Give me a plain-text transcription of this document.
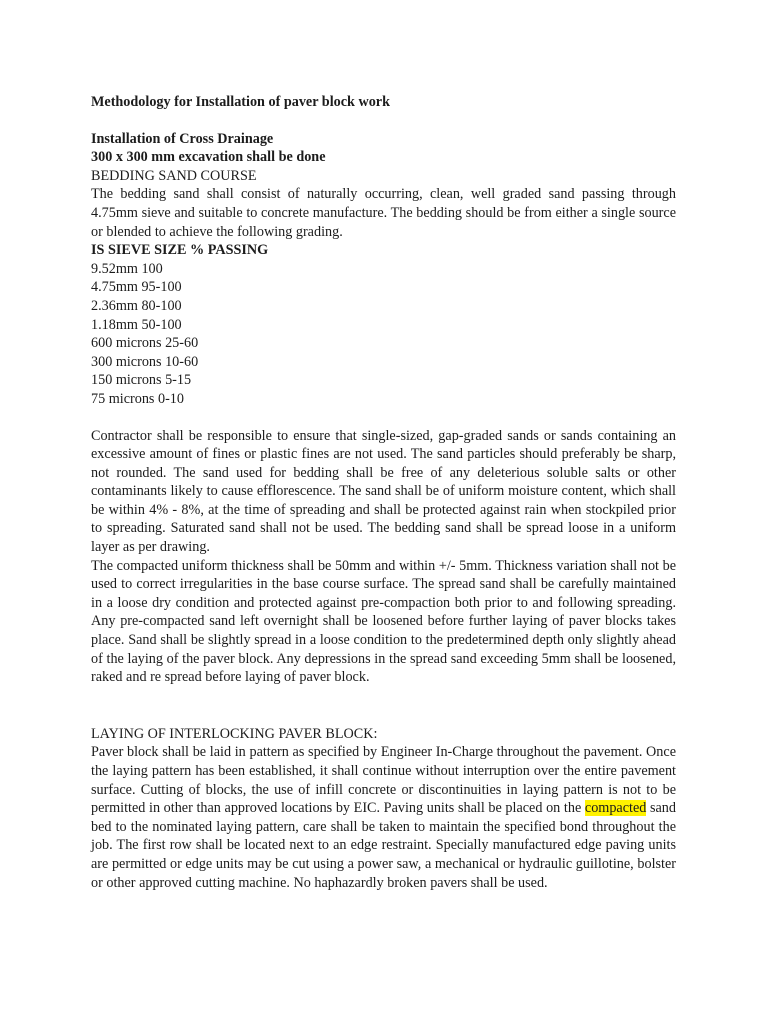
Methodology for Installation of paver block work

Installation of Cross Drainage

300 x 300 mm excavation shall be done

BEDDING SAND COURSE

The bedding sand shall consist of naturally occurring, clean, well graded sand passing through 4.75mm sieve and suitable to concrete manufacture. The bedding should be from either a single source or blended to achieve the following grading.

IS SIEVE SIZE % PASSING

9.52mm 100
4.75mm 95-100
2.36mm 80-100
1.18mm 50-100
600 microns 25-60
300 microns 10-60
150 microns 5-15
75 microns 0-10

Contractor shall be responsible to ensure that single-sized, gap-graded sands or sands containing an excessive amount of fines or plastic fines are not used. The sand particles should preferably be sharp, not rounded. The sand used for bedding shall be free of any deleterious soluble salts or other contaminants likely to cause efflorescence. The sand shall be of uniform moisture content, which shall be within 4% - 8%, at the time of spreading and shall be protected against rain when stockpiled prior to spreading. Saturated sand shall not be used. The bedding sand shall be spread loose in a uniform layer as per drawing.

The compacted uniform thickness shall be 50mm and within +/- 5mm. Thickness variation shall not be used to correct irregularities in the base course surface. The spread sand shall be carefully maintained in a loose dry condition and protected against pre-compaction both prior to and following spreading. Any pre-compacted sand left overnight shall be loosened before further laying of paver blocks takes place. Sand shall be slightly spread in a loose condition to the predetermined depth only slightly ahead of the laying of the paver block. Any depressions in the spread sand exceeding 5mm shall be loosened, raked and re spread before laying of paver block.

LAYING OF INTERLOCKING PAVER BLOCK:

Paver block shall be laid in pattern as specified by Engineer In-Charge throughout the pavement. Once the laying pattern has been established, it shall continue without interruption over the entire pavement surface. Cutting of blocks, the use of infill concrete or discontinuities in laying pattern is not to be permitted in other than approved locations by EIC. Paving units shall be placed on the compacted sand bed to the nominated laying pattern, care shall be taken to maintain the specified bond throughout the job. The first row shall be located next to an edge restraint. Specially manufactured edge paving units are permitted or edge units may be cut using a power saw, a mechanical or hydraulic guillotine, bolster or other approved cutting machine. No haphazardly broken pavers shall be used.
